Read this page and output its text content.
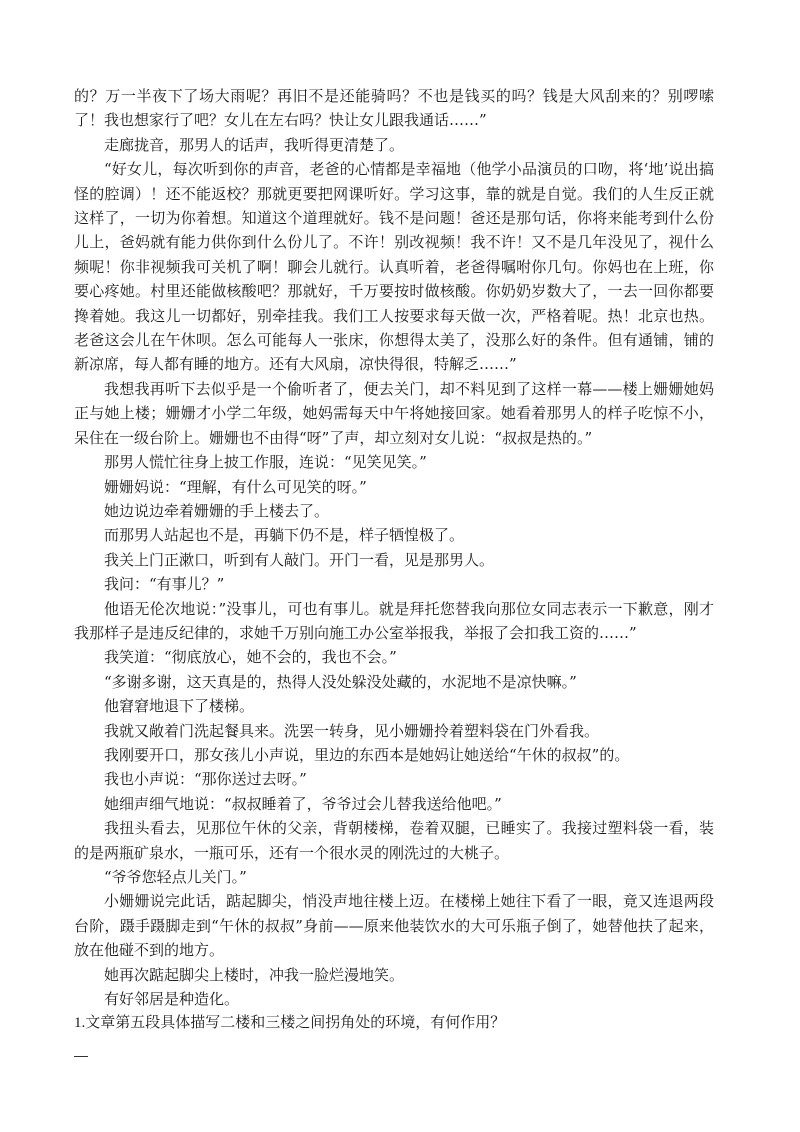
的？万一半夜下了场大雨呢？再旧不是还能骑吗？不也是钱买的吗？钱是大风刮来的？别啰嗦了！我也想家行了吧？女儿在左右吗？快让女儿跟我通话……”

走廊拢音，那男人的话声，我听得更清楚了。

“好女儿，每次听到你的声音，老爸的心情都是幸福地（他学小品演员的口吻，将‘地’说出搞怪的腔调）！还不能返校？那就更要把网课听好。学习这事，靠的就是自觉。我们的人生反正就这样了，一切为你着想。知道这个道理就好。钱不是问题！爸还是那句话，你将来能考到什么份儿上，爸妈就有能力供你到什么份儿了。不许！别改视频！我不许！又不是几年没见了，视什么频呢！你非视频我可关机了啊！聊会儿就行。认真听着，老爸得嘱咐你几句。你妈也在上班，你要心疼她。村里还能做核酸吧？那就好，千万要按时做核酸。你奶奶岁数大了，一去一回你都要搀着她。我这儿一切都好，别牵挂我。我们工人按要求每天做一次，严格着呢。热！北京也热。老爸这会儿在午休呗。怎么可能每人一张床，你想得太美了，没那么好的条件。但有通铺，铺的新凉席，每人都有睡的地方。还有大风扇，凉快得很，特解乏……”

我想我再听下去似乎是一个偷听者了，便去关门，却不料见到了这样一幕——楼上姗姗她妈正与她上楼；姗姗才小学二年级，她妈需每天中午将她接回家。她看着那男人的样子吃惊不小，呆住在一级台阶上。姗姗也不由得“呀”了声，却立刻对女儿说：“叔叔是热的。”

那男人慌忙往身上披工作服，连说：“见笑见笑。”

姗姗妈说：“理解，有什么可见笑的呀。”

她边说边牵着姗姗的手上楼去了。

而那男人站起也不是，再躺下仍不是，样子牺惶极了。

我关上门正漱口，听到有人敲门。开门一看，见是那男人。

我问：“有事儿？”

他语无伦次地说：”没事儿，可也有事儿。就是拜托您替我向那位女同志表示一下歉意，刚才我那样子是违反纪律的，求她千万别向施工办公室举报我，举报了会扣我工资的……”

我笑道：“彻底放心，她不会的，我也不会。”

“多谢多谢，这天真是的，热得人没处躲没处藏的，水泥地不是凉快嘛。”

他窘窘地退下了楼梯。

我就又敞着门洗起餐具来。洗罢一转身，见小姗姗拎着塑料袋在门外看我。

我刚要开口，那女孩儿小声说，里边的东西本是她妈让她送给“午休的叔叔”的。

我也小声说：“那你送过去呀。”

她细声细气地说：“叔叔睡着了，爷爷过会儿替我送给他吧。”

我扭头看去，见那位午休的父亲，背朝楼梯，卷着双腿，已睡实了。我接过塑料袋一看，装的是两瓶矿泉水，一瓶可乐，还有一个很水灵的刚洗过的大桃子。

“爷爷您轻点儿关门。”

小姗姗说完此话，踮起脚尖，悄没声地往楼上迈。在楼梯上她往下看了一眼，竟又连退两段台阶，蹑手蹑脚走到“午休的叔叔”身前——原来他装饮水的大可乐瓶子倒了，她替他扶了起来，放在他碰不到的地方。

她再次踮起脚尖上楼时，冲我一脸烂漫地笑。

有好邻居是种造化。

1.文章第五段具体描写二楼和三楼之间拐角处的环境，有何作用？
